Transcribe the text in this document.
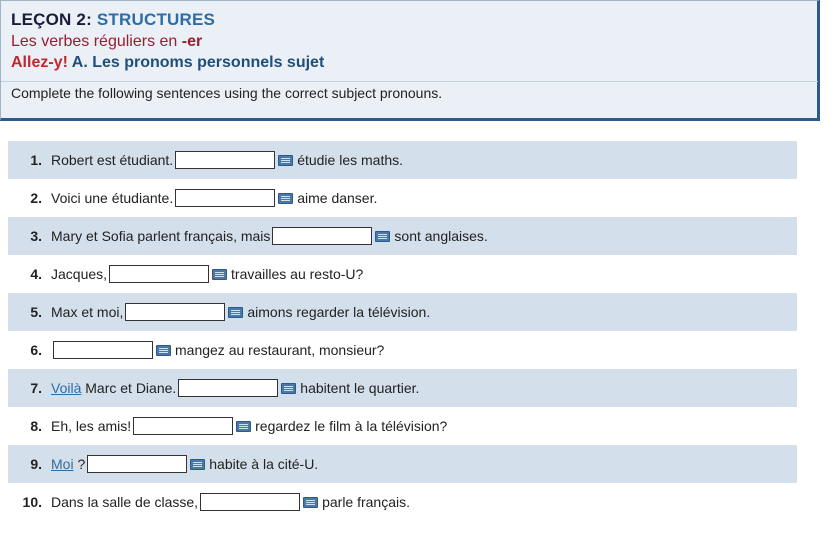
LEÇON 2: STRUCTURES
Les verbes réguliers en -er
Allez-y! A. Les pronoms personnels sujet
Complete the following sentences using the correct subject pronouns.
1. Robert est étudiant.	étudie les maths.
2. Voici une étudiante.	aime danser.
3. Mary et Sofia parlent français, mais	sont anglaises.
4. Jacques,	travailles au resto-U?
5. Max et moi,	aimons regarder la télévision.
6.	mangez au restaurant, monsieur?
7. Voilà
Marc et Diane.	habitent le quartier.
8. Eh, les amis!	regardez le film à la télévision?
9. Moi
?	habite à la cité-U.
10. Dans la salle de classe,	parle français.
